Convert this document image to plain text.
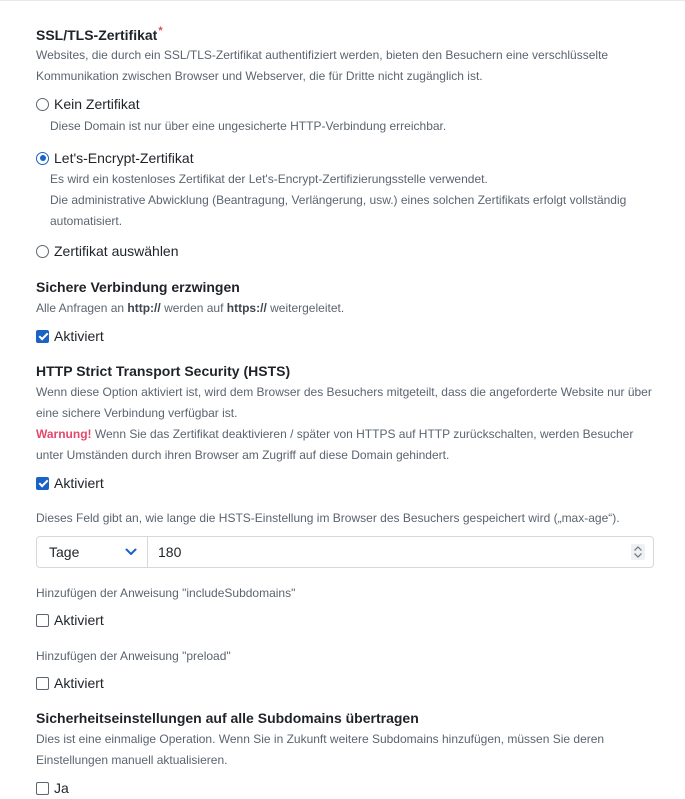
SSL/TLS-Zertifikat*
Websites, die durch ein SSL/TLS-Zertifikat authentifiziert werden, bieten den Besuchern eine verschlüsselte Kommunikation zwischen Browser und Webserver, die für Dritte nicht zugänglich ist.
Kein Zertifikat
Diese Domain ist nur über eine ungesicherte HTTP-Verbindung erreichbar.
Let's-Encrypt-Zertifikat
Es wird ein kostenloses Zertifikat der Let's-Encrypt-Zertifizierungsstelle verwendet.
Die administrative Abwicklung (Beantragung, Verlängerung, usw.) eines solchen Zertifikats erfolgt vollständig automatisiert.
Zertifikat auswählen
Sichere Verbindung erzwingen
Alle Anfragen an http:// werden auf https:// weitergeleitet.
Aktiviert
HTTP Strict Transport Security (HSTS)
Wenn diese Option aktiviert ist, wird dem Browser des Besuchers mitgeteilt, dass die angeforderte Website nur über eine sichere Verbindung verfügbar ist.
Warnung! Wenn Sie das Zertifikat deaktivieren / später von HTTPS auf HTTP zurückschalten, werden Besucher unter Umständen durch ihren Browser am Zugriff auf diese Domain gehindert.
Aktiviert
Dieses Feld gibt an, wie lange die HSTS-Einstellung im Browser des Besuchers gespeichert wird („max-age“).
Tage	180
Hinzufügen der Anweisung "includeSubdomains"
Aktiviert
Hinzufügen der Anweisung "preload"
Aktiviert
Sicherheitseinstellungen auf alle Subdomains übertragen
Dies ist eine einmalige Operation. Wenn Sie in Zukunft weitere Subdomains hinzufügen, müssen Sie deren Einstellungen manuell aktualisieren.
Ja
